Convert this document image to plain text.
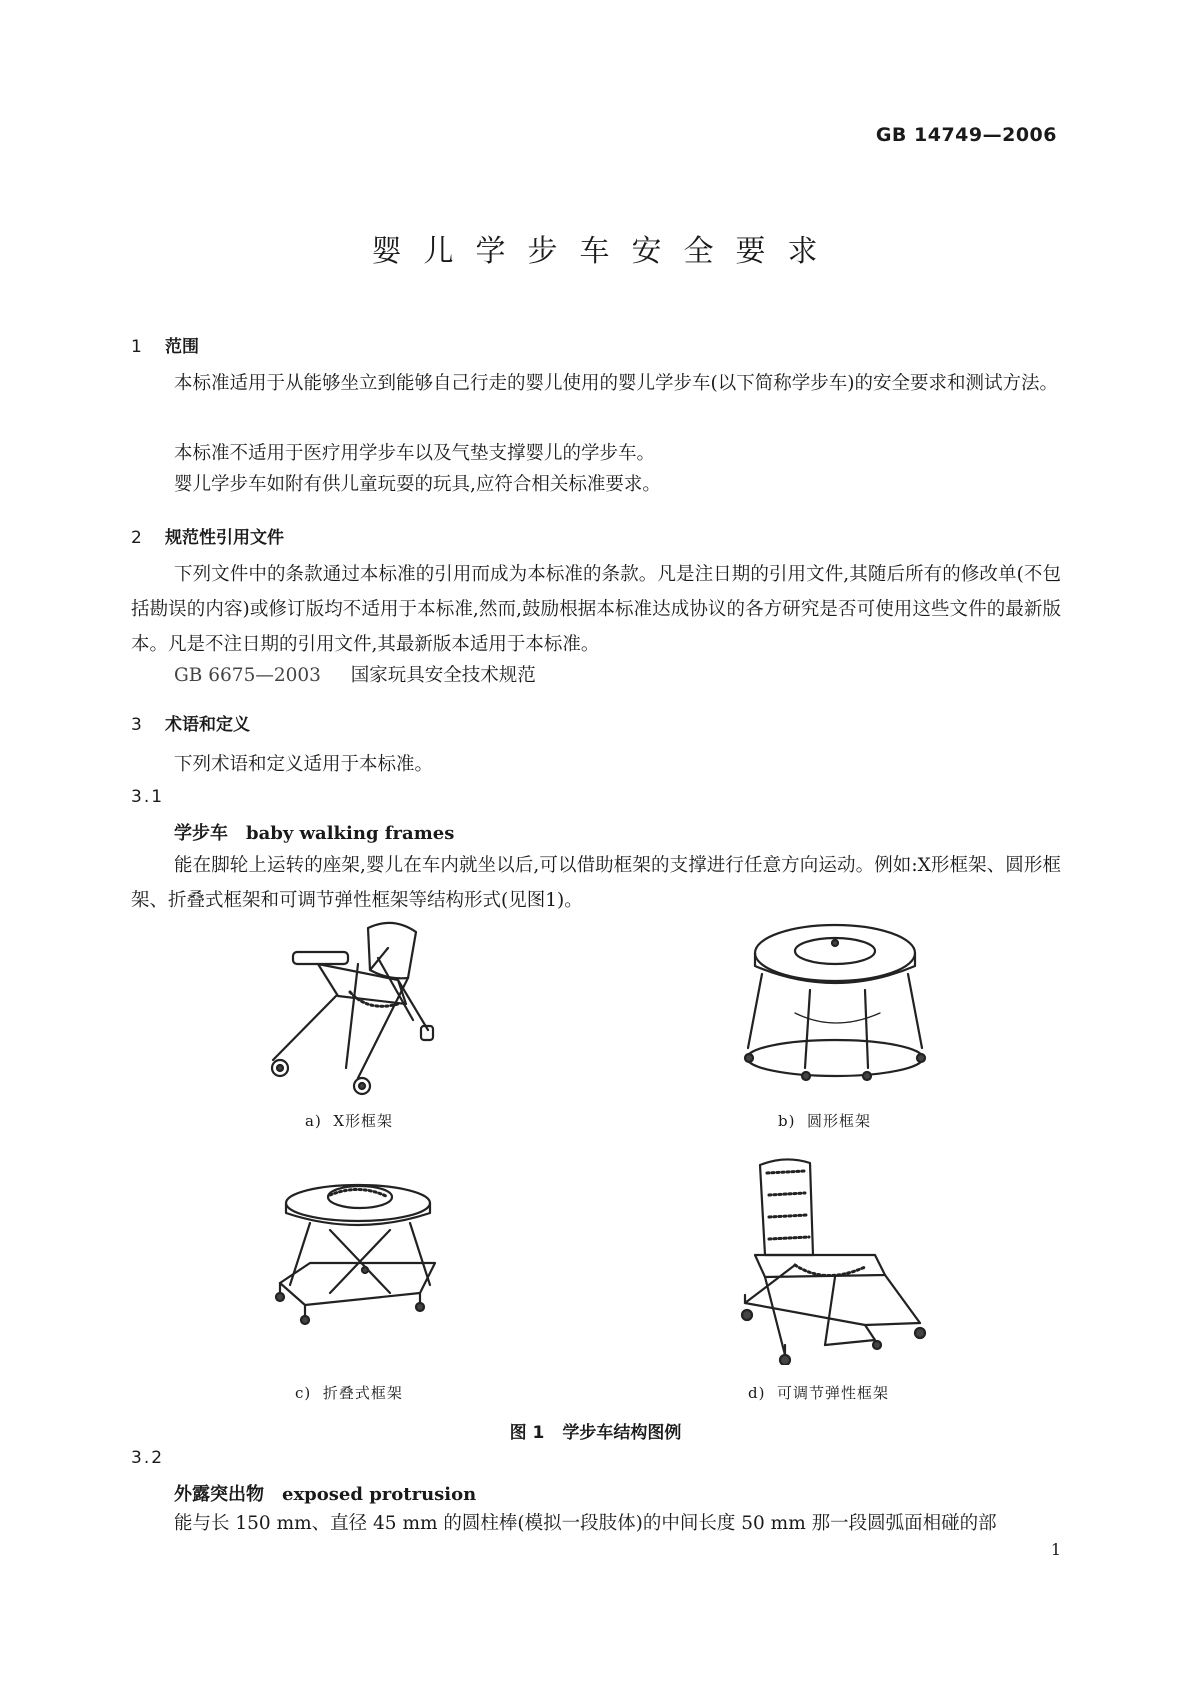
GB 14749—2006
婴儿学步车安全要求
1 范围
本标准适用于从能够坐立到能够自己行走的婴儿使用的婴儿学步车(以下简称学步车)的安全要求和测试方法。
本标准不适用于医疗用学步车以及气垫支撑婴儿的学步车。
婴儿学步车如附有供儿童玩耍的玩具,应符合相关标准要求。
2 规范性引用文件
下列文件中的条款通过本标准的引用而成为本标准的条款。凡是注日期的引用文件,其随后所有的修改单(不包括勘误的内容)或修订版均不适用于本标准,然而,鼓励根据本标准达成协议的各方研究是否可使用这些文件的最新版本。凡是不注日期的引用文件,其最新版本适用于本标准。
GB 6675—2003 国家玩具安全技术规范
3 术语和定义
下列术语和定义适用于本标准。
3.1
学步车 baby walking frames
能在脚轮上运转的座架,婴儿在车内就坐以后,可以借助框架的支撑进行任意方向运动。例如:X形框架、圆形框架、折叠式框架和可调节弹性框架等结构形式(见图1)。
a) X形框架	b) 圆形框架
c) 折叠式框架	d) 可调节弹性框架
图 1 学步车结构图例
3.2
外露突出物 exposed protrusion
能与长 150 mm、直径 45 mm 的圆柱棒(模拟一段肢体)的中间长度 50 mm 那一段圆弧面相碰的部
1
